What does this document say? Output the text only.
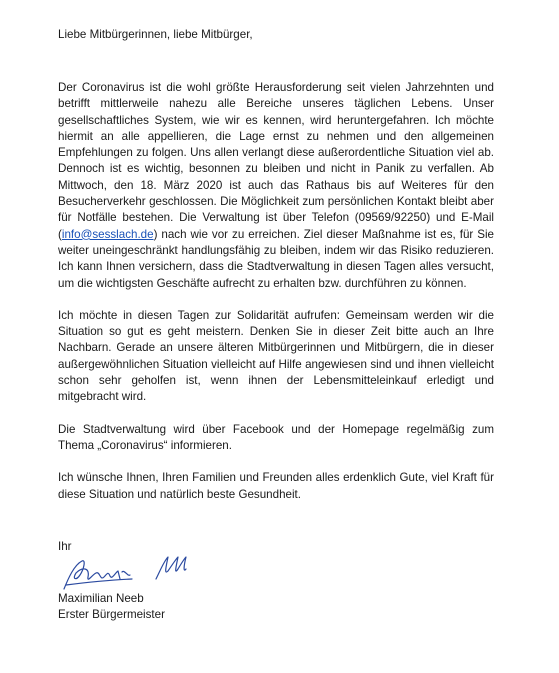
Liebe Mitbürgerinnen, liebe Mitbürger,

Der Coronavirus ist die wohl größte Herausforderung seit vielen Jahrzehnten und betrifft mittlerweile nahezu alle Bereiche unseres täglichen Lebens. Unser gesellschaftliches System, wie wir es kennen, wird heruntergefahren. Ich möchte hiermit an alle appellieren, die Lage ernst zu nehmen und den allgemeinen Empfehlungen zu folgen. Uns allen verlangt diese außerordentliche Situation viel ab. Dennoch ist es wichtig, besonnen zu bleiben und nicht in Panik zu verfallen. Ab Mittwoch, den 18. März 2020 ist auch das Rathaus bis auf Weiteres für den Besucherverkehr geschlossen. Die Möglichkeit zum persönlichen Kontakt bleibt aber für Notfälle bestehen. Die Verwaltung ist über Telefon (09569/92250) und E-Mail (info@sesslach.de) nach wie vor zu erreichen. Ziel dieser Maßnahme ist es, für Sie weiter uneingeschränkt handlungsfähig zu bleiben, indem wir das Risiko reduzieren. Ich kann Ihnen versichern, dass die Stadtverwaltung in diesen Tagen alles versucht, um die wichtigsten Geschäfte aufrecht zu erhalten bzw. durchführen zu können.

Ich möchte in diesen Tagen zur Solidarität aufrufen: Gemeinsam werden wir die Situation so gut es geht meistern. Denken Sie in dieser Zeit bitte auch an Ihre Nachbarn. Gerade an unsere älteren Mitbürgerinnen und Mitbürgern, die in dieser außergewöhnlichen Situation vielleicht auf Hilfe angewiesen sind und ihnen vielleicht schon sehr geholfen ist, wenn ihnen der Lebensmitteleinkauf erledigt und mitgebracht wird.

Die Stadtverwaltung wird über Facebook und der Homepage regelmäßig zum Thema „Coronavirus“ informieren.

Ich wünsche Ihnen, Ihren Familien und Freunden alles erdenklich Gute, viel Kraft für diese Situation und natürlich beste Gesundheit.

Ihr

Maximilian Neeb

Erster Bürgermeister
